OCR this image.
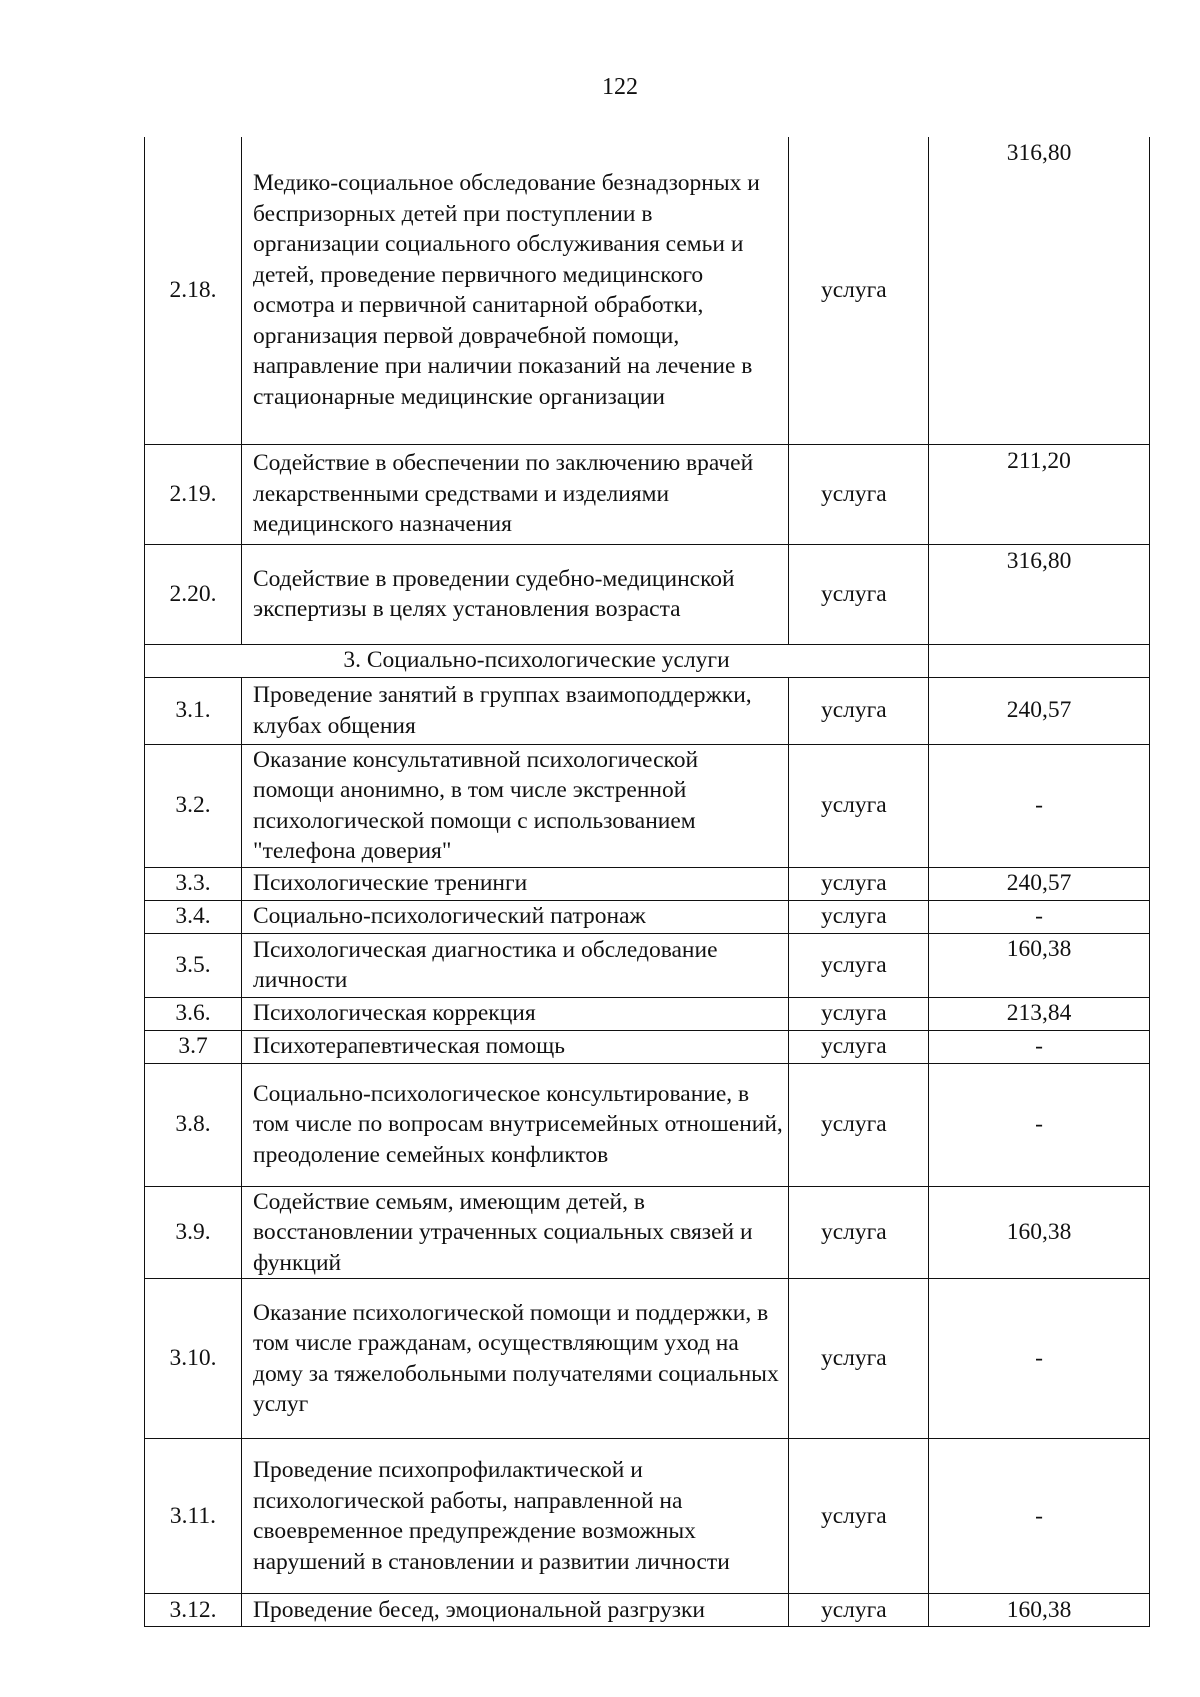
122
2.18.	Медико-социальное обследование безнадзорных и беспризорных детей при поступлении в организации социального обслуживания семьи и детей, проведение первичного медицинского осмотра и первичной санитарной обработки, организация первой доврачебной помощи, направление при наличии показаний на лечение в стационарные медицинские организации	услуга	316,80
2.19.	Содействие в обеспечении по заключению врачей лекарственными средствами и изделиями медицинского назначения	услуга	211,20
2.20.	Содействие в проведении судебно-медицинской экспертизы в целях установления возраста	услуга	316,80
3. Социально-психологические услуги			
3.1.	Проведение занятий в группах взаимоподдержки, клубах общения	услуга	240,57
3.2.	Оказание консультативной психологической помощи анонимно, в том числе экстренной психологической помощи с использованием "телефона доверия"	услуга	-
3.3.	Психологические тренинги	услуга	240,57
3.4.	Социально-психологический патронаж	услуга	-
3.5.	Психологическая диагностика и обследование личности	услуга	160,38
3.6.	Психологическая коррекция	услуга	213,84
3.7	Психотерапевтическая помощь	услуга	-
3.8.	Социально-психологическое консультирование, в том числе по вопросам внутрисемейных отношений, преодоление семейных конфликтов	услуга	-
3.9.	Содействие семьям, имеющим детей, в восстановлении утраченных социальных связей и функций	услуга	160,38
3.10.	Оказание психологической помощи и поддержки, в том числе гражданам, осуществляющим уход на дому за тяжелобольными получателями социальных услуг	услуга	-
3.11.	Проведение психопрофилактической и психологической работы, направленной на своевременное предупреждение возможных нарушений в становлении и развитии личности	услуга	-
3.12.	Проведение бесед, эмоциональной разгрузки	услуга	160,38
